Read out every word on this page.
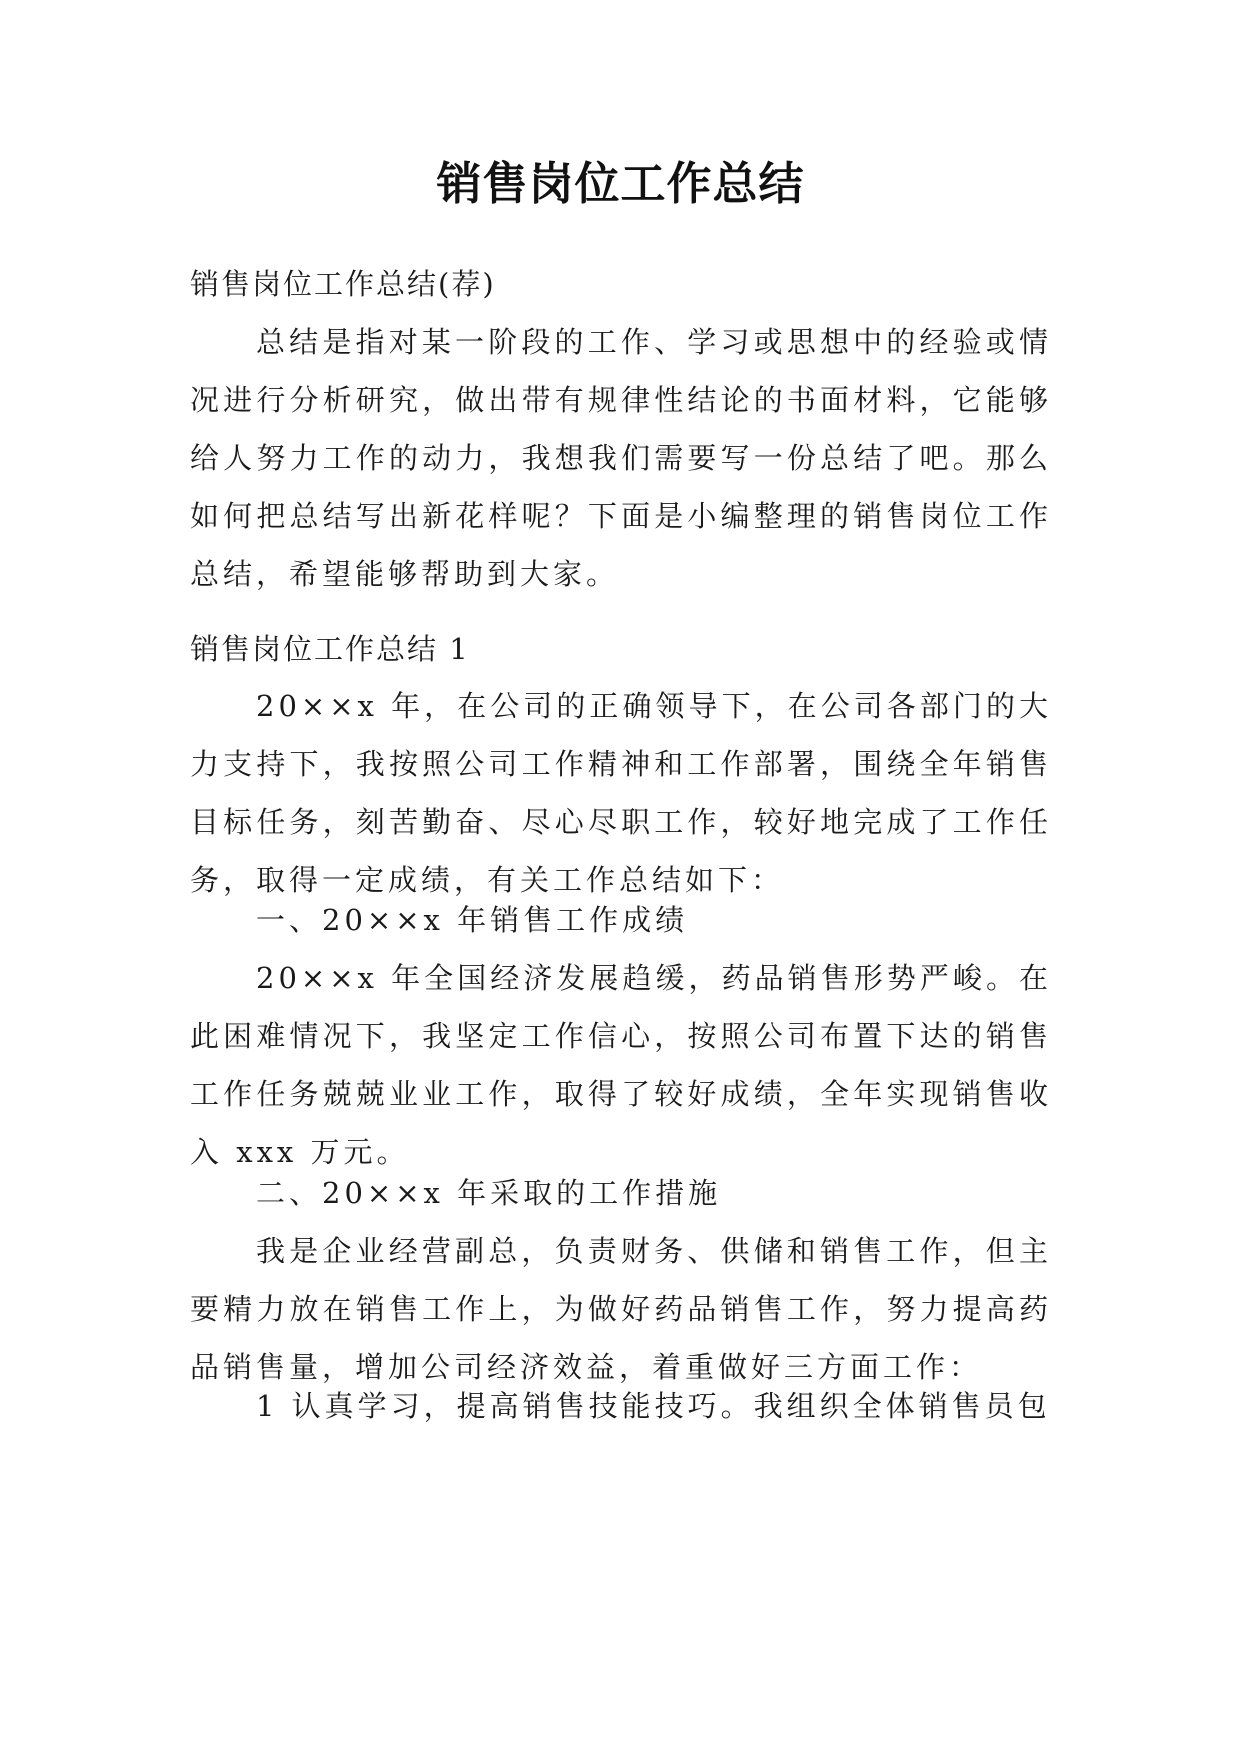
销售岗位工作总结

销售岗位工作总结(荐)

总结是指对某一阶段的工作、学习或思想中的经验或情况进行分析研究，做出带有规律性结论的书面材料，它能够给人努力工作的动力，我想我们需要写一份总结了吧。那么如何把总结写出新花样呢？下面是小编整理的销售岗位工作总结，希望能够帮助到大家。

销售岗位工作总结 1

20××x 年，在公司的正确领导下，在公司各部门的大力支持下，我按照公司工作精神和工作部署，围绕全年销售目标任务，刻苦勤奋、尽心尽职工作，较好地完成了工作任务，取得一定成绩，有关工作总结如下：

一、20××x 年销售工作成绩

20××x 年全国经济发展趋缓，药品销售形势严峻。在此困难情况下，我坚定工作信心，按照公司布置下达的销售工作任务兢兢业业工作，取得了较好成绩，全年实现销售收入 xxx 万元。

二、20××x 年采取的工作措施

我是企业经营副总，负责财务、供储和销售工作，但主要精力放在销售工作上，为做好药品销售工作，努力提高药品销售量，增加公司经济效益，着重做好三方面工作：

1 认真学习，提高销售技能技巧。我组织全体销售员包
